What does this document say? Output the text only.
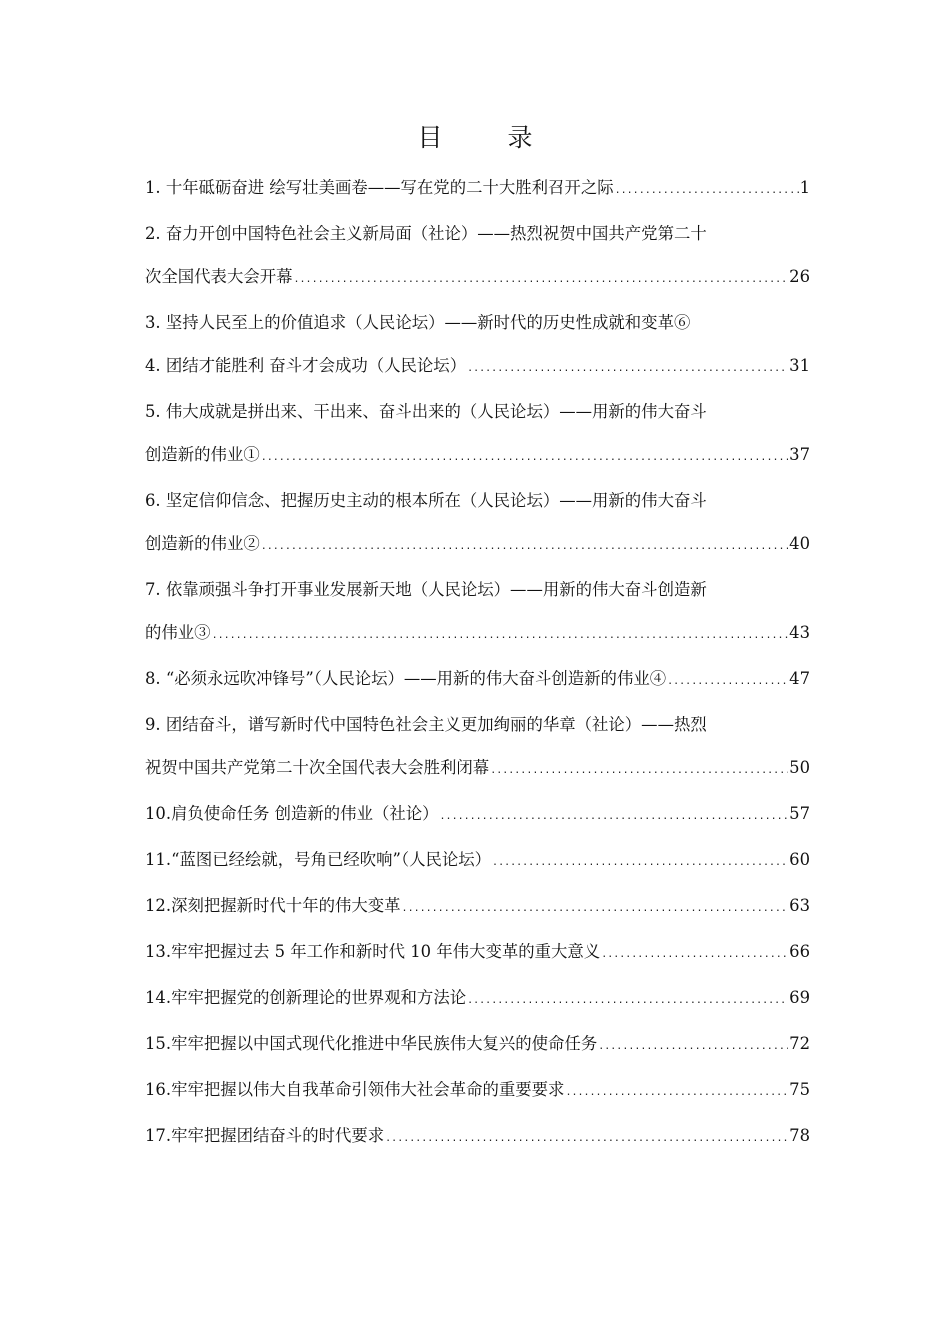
目　录
1. 十年砥砺奋进 绘写壮美画卷——写在党的二十大胜利召开之际 .....	1
2. 奋力开创中国特色社会主义新局面（社论）——热烈祝贺中国共产党第二十
次全国代表大会开幕 .....	26
3. 坚持人民至上的价值追求（人民论坛）——新时代的历史性成就和变革⑥
4. 团结才能胜利 奋斗才会成功（人民论坛） .....	31
5. 伟大成就是拼出来、干出来、奋斗出来的（人民论坛）——用新的伟大奋斗
创造新的伟业① .....	37
6. 坚定信仰信念、把握历史主动的根本所在（人民论坛）——用新的伟大奋斗
创造新的伟业② .....	40
7. 依靠顽强斗争打开事业发展新天地（人民论坛）——用新的伟大奋斗创造新
的伟业③ .....	43
8. “必须永远吹冲锋号”（人民论坛）——用新的伟大奋斗创造新的伟业④ .....	47
9. 团结奋斗，谱写新时代中国特色社会主义更加绚丽的华章（社论）——热烈
祝贺中国共产党第二十次全国代表大会胜利闭幕 .....	50
10.肩负使命任务 创造新的伟业（社论） .....	57
11.“蓝图已经绘就，号角已经吹响”（人民论坛） .....	60
12.深刻把握新时代十年的伟大变革 .....	63
13.牢牢把握过去 5 年工作和新时代 10 年伟大变革的重大意义 .....	66
14.牢牢把握党的创新理论的世界观和方法论 .....	69
15.牢牢把握以中国式现代化推进中华民族伟大复兴的使命任务 .....	72
16.牢牢把握以伟大自我革命引领伟大社会革命的重要要求 .....	75
17.牢牢把握团结奋斗的时代要求 .....	78
